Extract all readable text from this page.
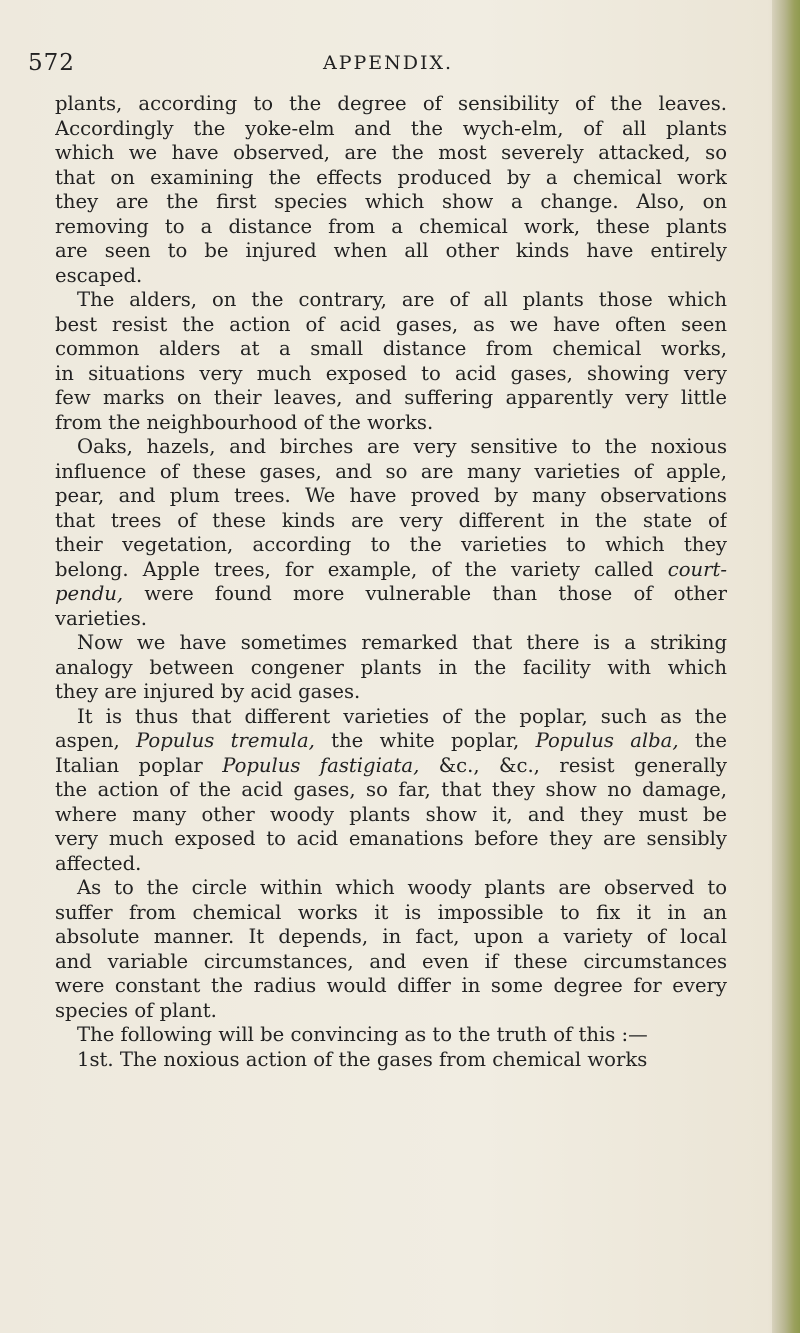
572	APPENDIX.
plants, according to the degree of sensibility of the leaves.
Accordingly the yoke-elm and the wych-elm, of all plants
which we have observed, are the most severely attacked, so
that on examining the effects produced by a chemical work
they are the first species which show a change. Also, on
removing to a distance from a chemical work, these plants
are seen to be injured when all other kinds have entirely
escaped.
The alders, on the contrary, are of all plants those which
best resist the action of acid gases, as we have often seen
common alders at a small distance from chemical works,
in situations very much exposed to acid gases, showing very
few marks on their leaves, and suffering apparently very little
from the neighbourhood of the works.
Oaks, hazels, and birches are very sensitive to the noxious
influence of these gases, and so are many varieties of apple,
pear, and plum trees. We have proved by many observations
that trees of these kinds are very different in the state of
their vegetation, according to the varieties to which they
belong. Apple trees, for example, of the variety called court-
pendu, were found more vulnerable than those of other
varieties.
Now we have sometimes remarked that there is a striking
analogy between congener plants in the facility with which
they are injured by acid gases.
It is thus that different varieties of the poplar, such as the
aspen, Populus tremula, the white poplar, Populus alba, the
Italian poplar Populus fastigiata, &c., &c., resist generally
the action of the acid gases, so far, that they show no damage,
where many other woody plants show it, and they must be
very much exposed to acid emanations before they are sensibly
affected.
As to the circle within which woody plants are observed to
suffer from chemical works it is impossible to fix it in an
absolute manner. It depends, in fact, upon a variety of local
and variable circumstances, and even if these circumstances
were constant the radius would differ in some degree for every
species of plant.
The following will be convincing as to the truth of this :—
1st. The noxious action of the gases from chemical works
